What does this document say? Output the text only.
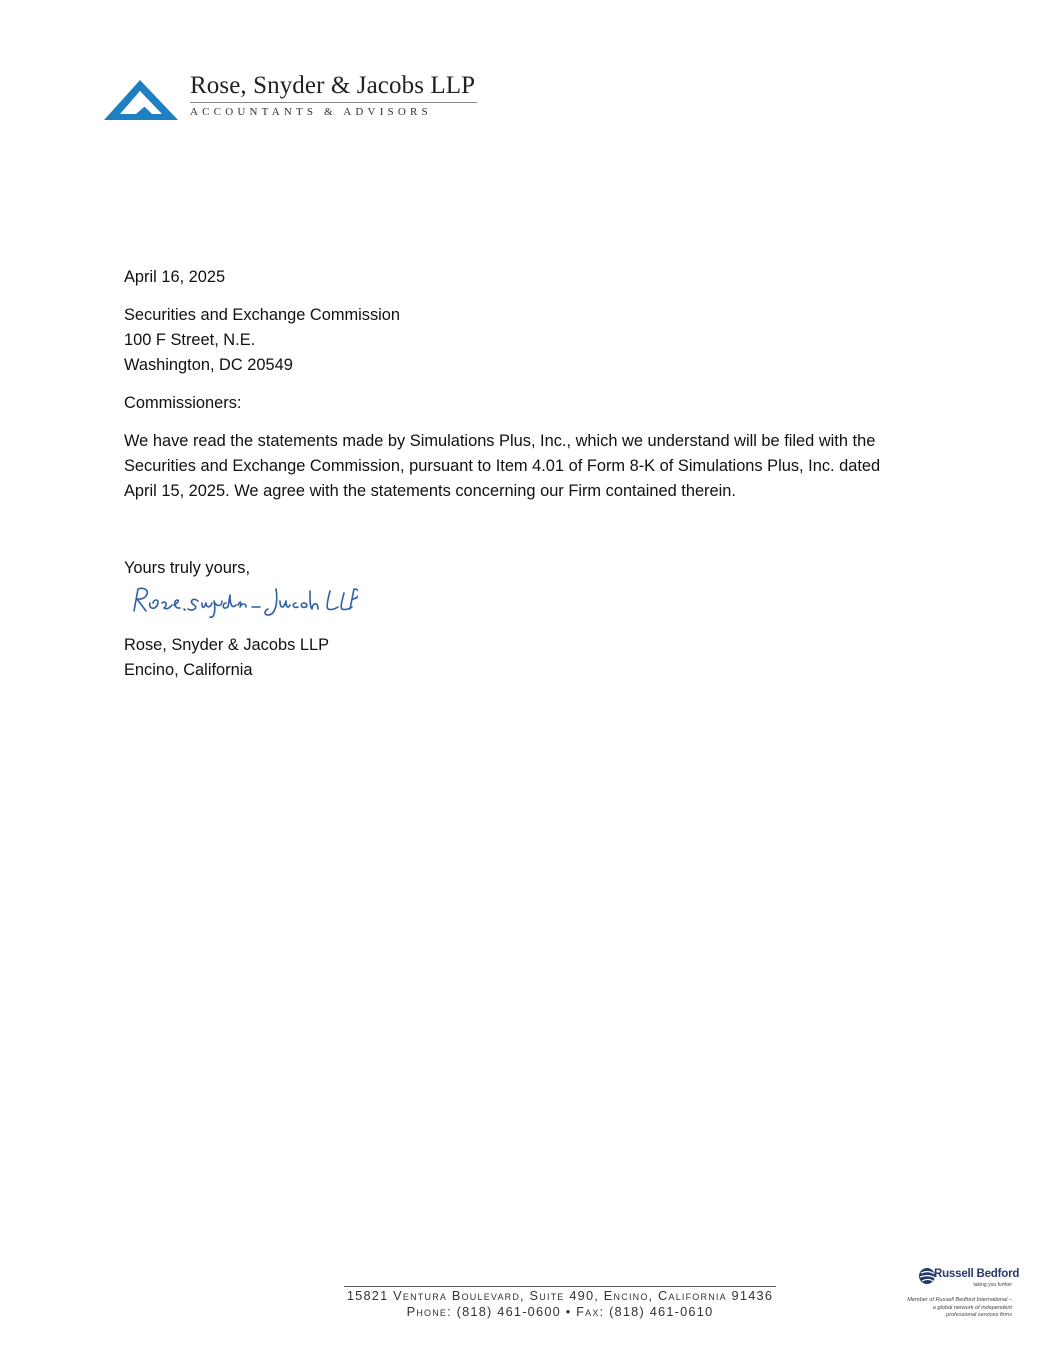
Rose, Snyder & Jacobs LLP
ACCOUNTANTS & ADVISORS

April 16, 2025

Securities and Exchange Commission

100 F Street, N.E.

Washington, DC 20549

Commissioners:

We have read the statements made by Simulations Plus, Inc., which we understand will be filed with the

Securities and Exchange Commission, pursuant to Item 4.01 of Form 8-K of Simulations Plus, Inc. dated

April 15, 2025. We agree with the statements concerning our Firm contained therein.

Yours truly yours,

Rose, Snyder & Jacobs LLP

Encino, California

15821 Ventura Boulevard, Suite 490, Encino, California 91436
Phone: (818) 461-0600 • Fax: (818) 461-0610
Russell Bedford
taking you further
Member of Russell Bedford International –
a global network of independent
professional services firms
